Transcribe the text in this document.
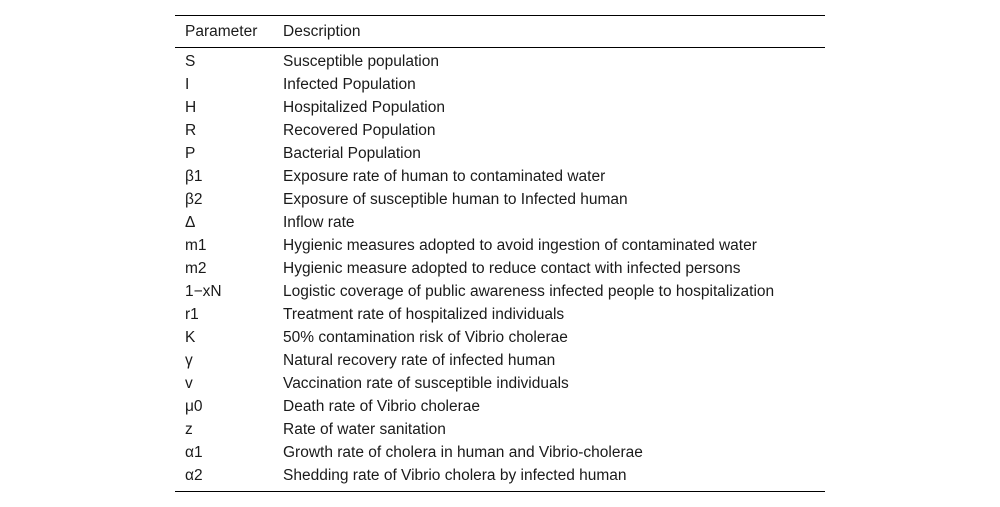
Parameter	Description
S	Susceptible population
I	Infected Population
H	Hospitalized Population
R	Recovered Population
P	Bacterial Population
β1	Exposure rate of human to contaminated water
β2	Exposure of susceptible human to Infected human
Δ	Inflow rate
m1	Hygienic measures adopted to avoid ingestion of contaminated water
m2	Hygienic measure adopted to reduce contact with infected persons
1−xN	Logistic coverage of public awareness infected people to hospitalization
r1	Treatment rate of hospitalized individuals
K	50% contamination risk of Vibrio cholerae
γ	Natural recovery rate of infected human
v	Vaccination rate of susceptible individuals
μ0	Death rate of Vibrio cholerae
z	Rate of water sanitation
α1	Growth rate of cholera in human and Vibrio-cholerae
α2	Shedding rate of Vibrio cholera by infected human
